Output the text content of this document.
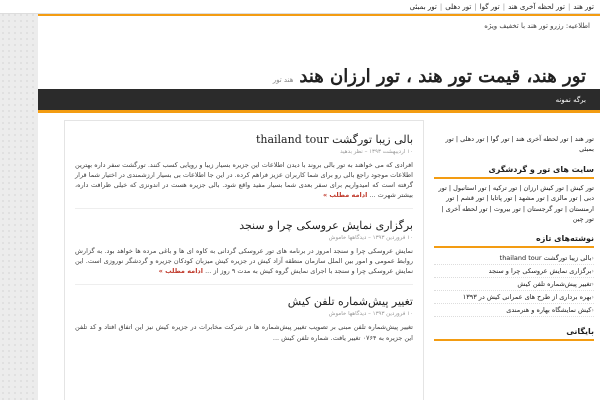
تور هند
|
تور لحظه آخری هند
|
تور گوا
|
تور دهلی
|
تور بمبئی
اطلاعیه: رزرو تور هند با تخفیف ویژه
تور هند، قیمت تور هند ، تور ارزان هند
هند تور
برگه نمونه
بالی زیبا تورگشت thailand tour
۱۰ اردیبهشت ۱۳۹۳ – نظر بدهید
افرادی که می خواهند به تور بالی بروند با دیدن اطلاعات این جزیره بسیار زیبا و رویایی کسب کنند. تورگشت سفر داره بهترین اطلاعات موجود راجع بالی رو برای شما کاربران عزیز فراهم کرده. در این جا اطلاعات بی بسیار ارزشمندی در اختیار شما قرار گرفته است که امیدواریم برای سفر بعدی شما بسیار مفید واقع شود. بالی جزیره هست در اندونزی که خیلی ظرافت داره، بیشتر شهرت ... ادامه مطلب »
برگزاری نمایش عروسکی چرا و سنجد
۱۰ فروردین ۱۳۹۳ – دیدگاهها خاموش
نمایش عروسکی چرا و سنجد امروز در برنامه های تور عروسکی گردانی به کاوه ای ها و باغی مرده ها خواهد بود. به گزارش روابط عمومی و امور بین الملل سازمان منطقه آزاد کیش در جزیره کیش میزبان کودکان جزیره و گردشگر نوروزی است. این نمایش عروسکی چرا و سنجد با اجرای نمایش گروه کیش به مدت ۹ روز از ... ادامه مطلب »
تغییر پیش‌شماره تلفن کیش
۱۰ فروردین ۱۳۹۳ – دیدگاهها خاموش
تغییر پیش‌شماره تلفن مبنی بر تصویب تغییر پیش‌شماره ها در شرکت مخابرات در جزیره کیش نیز این اتفاق افتاد و کد تلفن این جزیره به ۰۷۶۴ تغییر یافت. شماره تلفن کیش ...
تور هند | تور لحظه آخری هند | تور گوا | تور دهلی | تور بمبئی
سایت های تور و گردشگری
تور کیش | تور کیش ارزان | تور ترکیه | تور استانبول | تور دبی | تور مالزی | تور مشهد | تور پاتایا | تور قشم | تور ارمنستان | تور گرجستان | تور بیروت | تور لحظه آخری | تور چین
نوشته‌های تازه
‹ بالی زیبا تورگشت thailand tour
‹ برگزاری نمایش عروسکی چرا و سنجد
‹ تغییر پیش‌شماره تلفن کیش
‹ بهره برداری از طرح های عمرانی کیش در ۱۳۹۳
‹ کیش نمایشگاه بهاره و هنرمندی
بایگانی
